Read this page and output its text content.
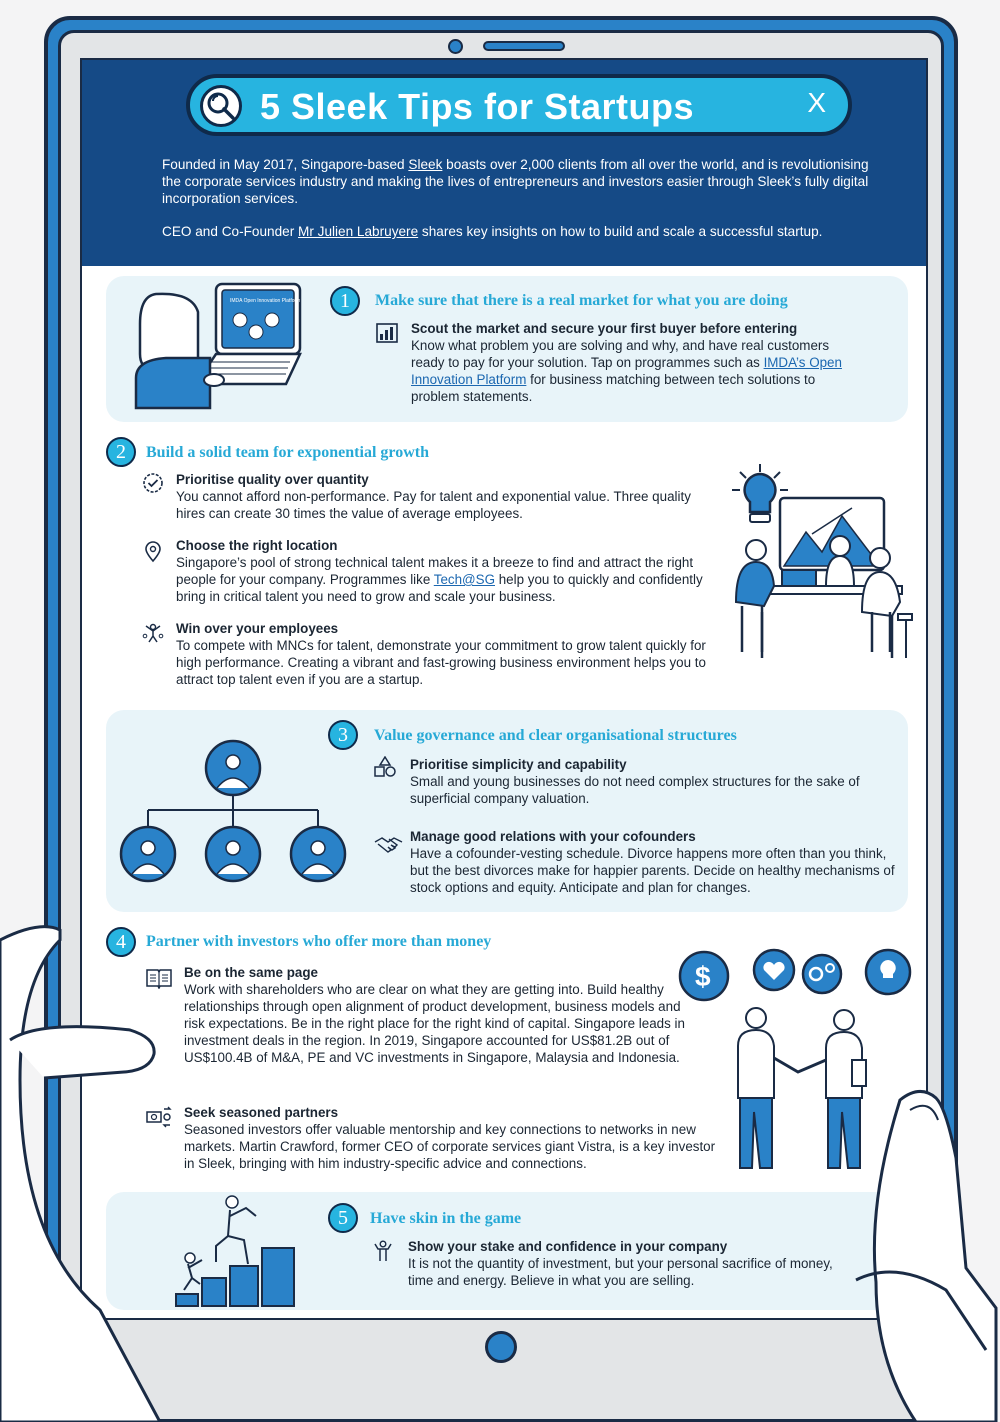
5 Sleek Tips for Startups	X

Founded in May 2017, Singapore-based Sleek boasts over 2,000 clients from all over the world, and is revolutionising the corporate services industry and making the lives of entrepreneurs and investors easier through Sleek’s fully digital incorporation services.

CEO and Co-Founder Mr Julien Labruyere shares key insights on how to build and scale a successful startup.

IMDA Open Innovation Platform	1	Make sure that there is a real market for what you are doing
Scout the market and secure your first buyer before entering
Know what problem you are solving and why, and have real customers ready to pay for your solution. Tap on programmes such as IMDA’s Open Innovation Platform for business matching between tech solutions to problem statements.
2	Build a solid team for exponential growth
Prioritise quality over quantity
You cannot afford non-performance. Pay for talent and exponential value. Three quality hires can create 30 times the value of average employees.
Choose the right location
Singapore’s pool of strong technical talent makes it a breeze to find and attract the right people for your company. Programmes like Tech@SG help you to quickly and confidently bring in critical talent you need to grow and scale your business.
Win over your employees
To compete with MNCs for talent, demonstrate your commitment to grow talent quickly for high performance. Creating a vibrant and fast-growing business environment helps you to attract top talent even if you are a startup.
3	Value governance and clear organisational structures
Prioritise simplicity and capability
Small and young businesses do not need complex structures for the sake of superficial company valuation.
Manage good relations with your cofounders
Have a cofounder-vesting schedule. Divorce happens more often than you think, but the best divorces make for happier parents. Decide on healthy mechanisms of stock options and equity. Anticipate and plan for changes.
4	Partner with investors who offer more than money
Be on the same page
Work with shareholders who are clear on what they are getting into. Build healthy relationships through open alignment of product development, business models and risk expectations. Be in the right place for the right kind of capital. Singapore leads in investment deals in the region. In 2019, Singapore accounted for US$81.2B out of US$100.4B of M&A, PE and VC investments in Singapore, Malaysia and Indonesia.
Seek seasoned partners
Seasoned investors offer valuable mentorship and key connections to networks in new markets. Martin Crawford, former CEO of corporate services giant Vistra, is a key investor in Sleek, bringing with him industry-specific advice and connections.
$
5	Have skin in the game
Show your stake and confidence in your company
It is not the quantity of investment, but your personal sacrifice of money, time and energy. Believe in what you are selling.
